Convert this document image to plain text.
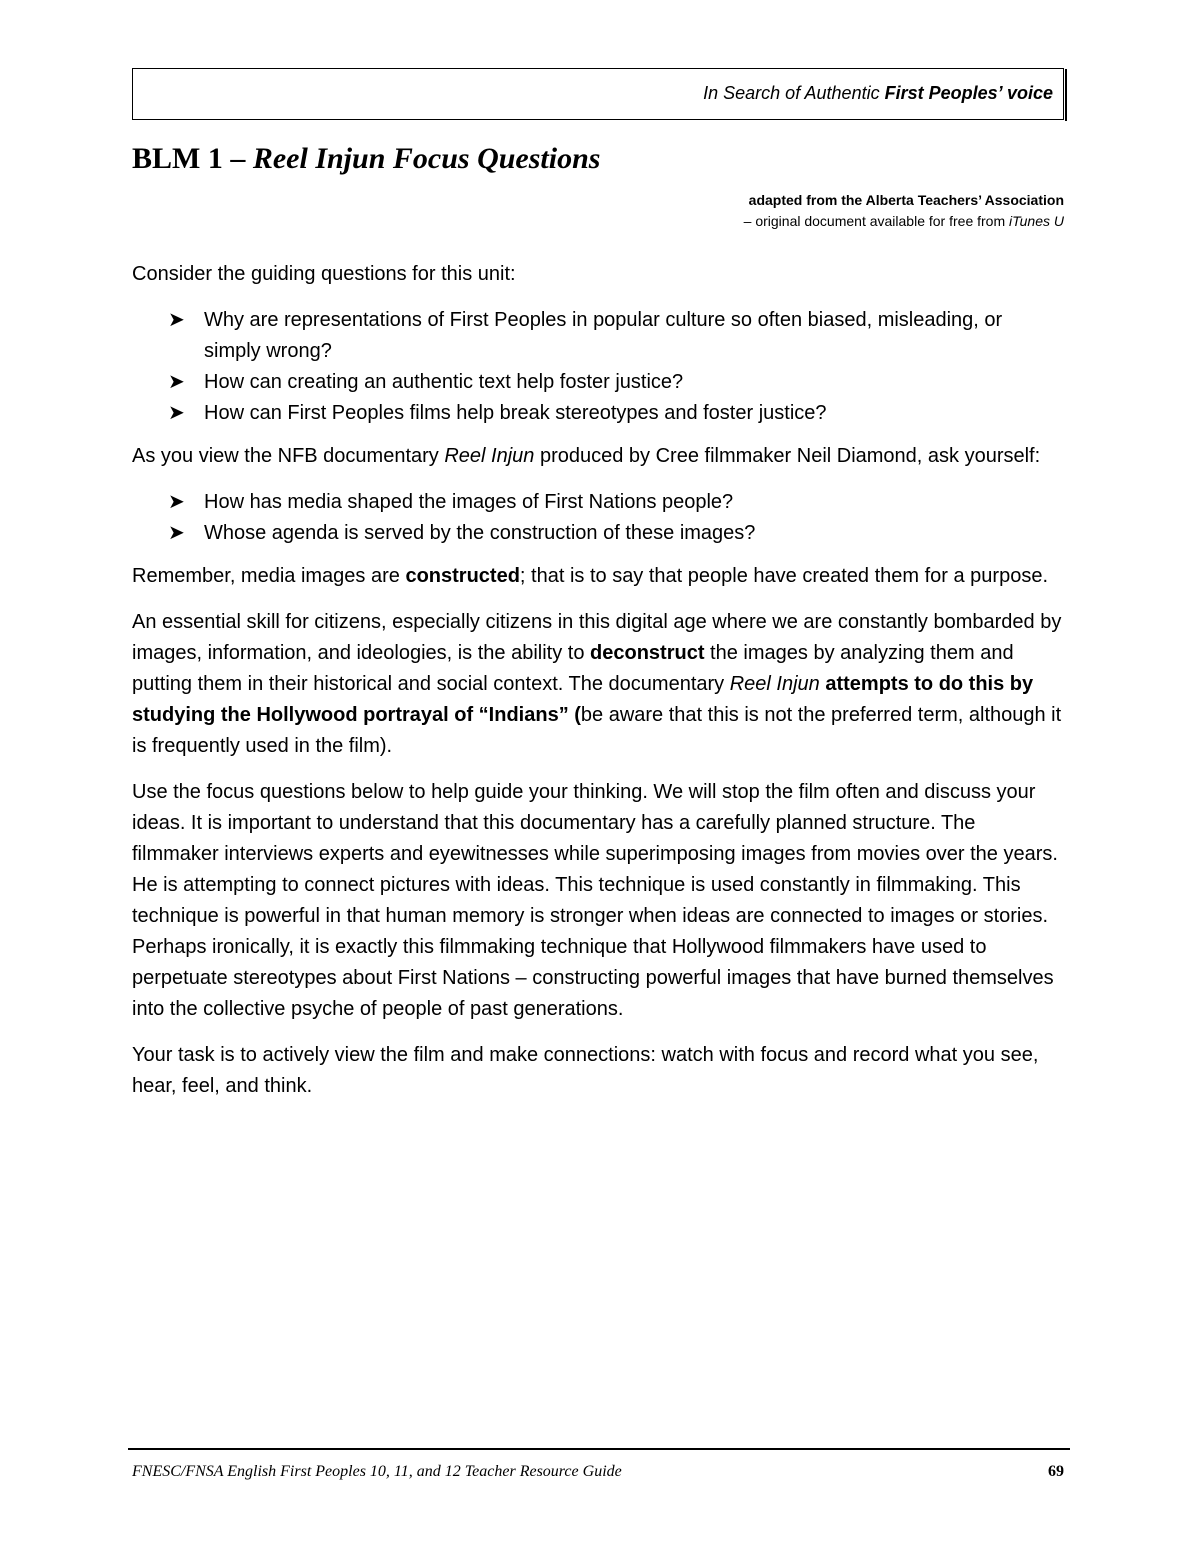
In Search of Authentic First Peoples’ voice
BLM 1 – Reel Injun Focus Questions
adapted from the Alberta Teachers’ Association
– original document available for free from iTunes U

Consider the guiding questions for this unit:

➤ Why are representations of First Peoples in popular culture so often biased, misleading, or simply wrong?
➤ How can creating an authentic text help foster justice?
➤ How can First Peoples films help break stereotypes and foster justice?

As you view the NFB documentary Reel Injun produced by Cree filmmaker Neil Diamond, ask yourself:

➤ How has media shaped the images of First Nations people?
➤ Whose agenda is served by the construction of these images?

Remember, media images are constructed; that is to say that people have created them for a purpose.

An essential skill for citizens, especially citizens in this digital age where we are constantly bombarded by images, information, and ideologies, is the ability to deconstruct the images by analyzing them and putting them in their historical and social context. The documentary Reel Injun attempts to do this by studying the Hollywood portrayal of “Indians” (be aware that this is not the preferred term, although it is frequently used in the film).

Use the focus questions below to help guide your thinking. We will stop the film often and discuss your ideas. It is important to understand that this documentary has a carefully planned structure. The filmmaker interviews experts and eyewitnesses while superimposing images from movies over the years. He is attempting to connect pictures with ideas. This technique is used constantly in filmmaking. This technique is powerful in that human memory is stronger when ideas are connected to images or stories. Perhaps ironically, it is exactly this filmmaking technique that Hollywood filmmakers have used to perpetuate stereotypes about First Nations – constructing powerful images that have burned themselves into the collective psyche of people of past generations.

Your task is to actively view the film and make connections: watch with focus and record what you see, hear, feel, and think.

FNESC/FNSA English First Peoples 10, 11, and 12 Teacher Resource Guide	69
